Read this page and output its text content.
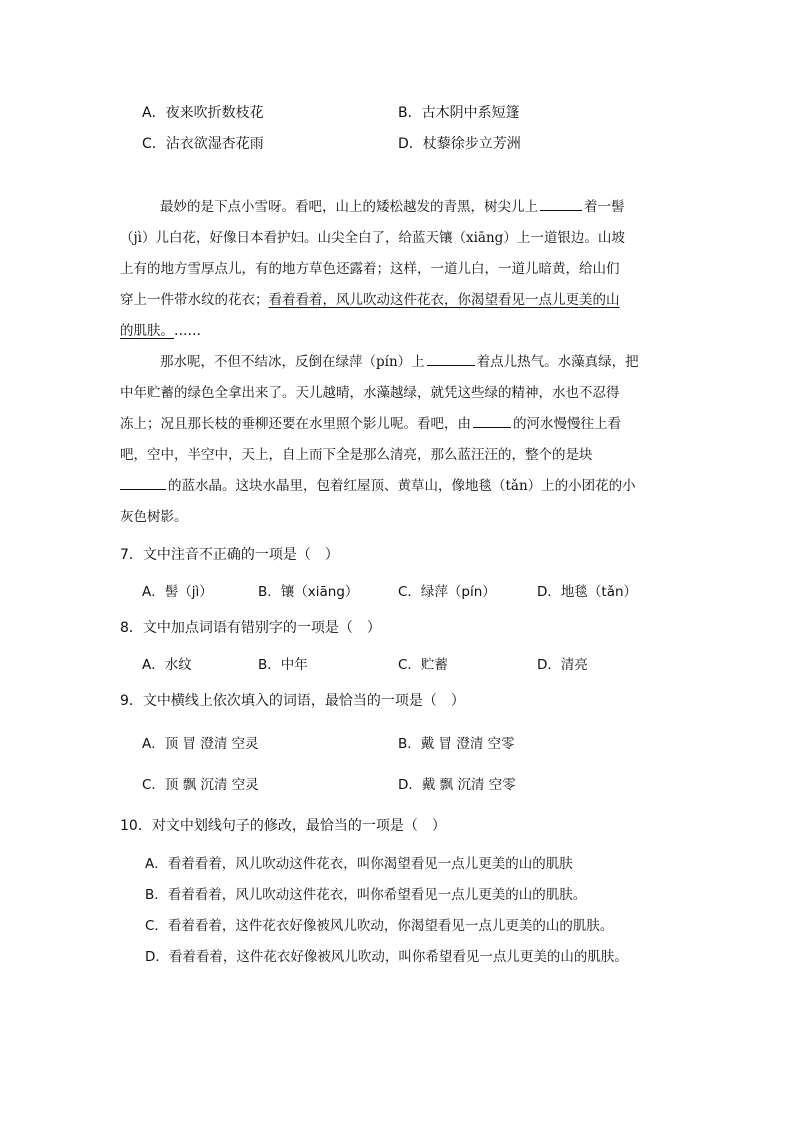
A．夜来吹折数枝花	B．古木阴中系短篷
C．沾衣欲湿杏花雨	D．杖藜徐步立芳洲
最妙的是下点小雪呀。看吧，山上的矮松越发的青黑，树尖儿上	着一髻
（jì）儿白花，好像日本看护妇。山尖全白了，给蓝天镶（xiāng）上一道银边。山坡
上有的地方雪厚点儿，有的地方草色还露着；这样，一道儿白，一道儿暗黄，给山们
穿上一件带水纹的花衣；看着看着，风儿吹动这件花衣，你渴望看见一点儿更美的山
的肌肤。……
那水呢，不但不结冰，反倒在绿萍（pín）上	着点儿热气。水藻真绿，把
中年贮蓄的绿色全拿出来了。天儿越晴，水藻越绿，就凭这些绿的精神，水也不忍得
冻上；况且那长枝的垂柳还要在水里照个影儿呢。看吧，由	的河水慢慢往上看
吧，空中，半空中，天上，自上而下全是那么清亮，那么蓝汪汪的，整个的是块
的蓝水晶。这块水晶里，包着红屋顶、黄草山，像地毯（tǎn）上的小团花的小
灰色树影。
7．文中注音不正确的一项是（　）
A．髻（jì）	B．镶（xiāng）	C．绿萍（pín）	D．地毯（tǎn）
8．文中加点词语有错别字的一项是（　）
A．水纹	B．中年	C．贮蓄	D．清亮
9．文中横线上依次填入的词语，最恰当的一项是（　）
A．顶 冒 澄清 空灵	B．戴 冒 澄清 空零
C．顶 飘 沉清 空灵	D．戴 飘 沉清 空零
10．对文中划线句子的修改，最恰当的一项是（　）
A．看着看着，风儿吹动这件花衣，叫你渴望看见一点儿更美的山的肌肤
B．看着看着，风儿吹动这件花衣，叫你希望看见一点儿更美的山的肌肤。
C．看着看着，这件花衣好像被风儿吹动，你渴望看见一点儿更美的山的肌肤。
D．看着看着，这件花衣好像被风儿吹动，叫你希望看见一点儿更美的山的肌肤。
